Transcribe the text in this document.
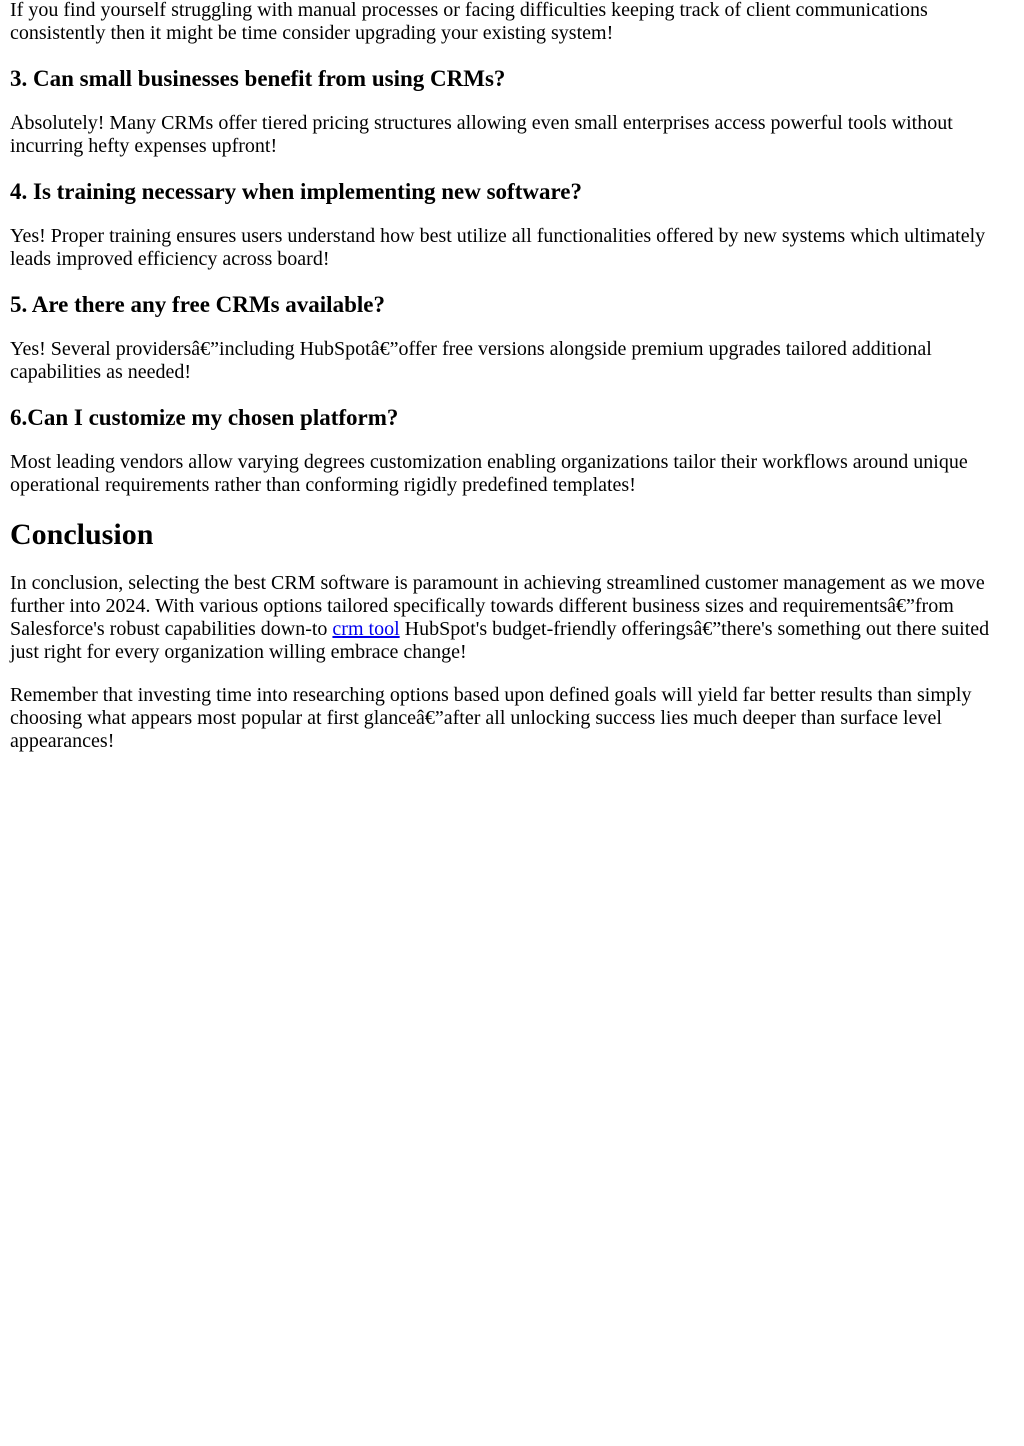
If you find yourself struggling with manual processes or facing difficulties keeping track of client communications consistently then it might be time consider upgrading your existing system!

3. Can small businesses benefit from using CRMs?

Absolutely! Many CRMs offer tiered pricing structures allowing even small enterprises access powerful tools without incurring hefty expenses upfront!

4. Is training necessary when implementing new software?

Yes! Proper training ensures users understand how best utilize all functionalities offered by new systems which ultimately leads improved efficiency across board!

5. Are there any free CRMs available?

Yes! Several providersâ€”including HubSpotâ€”offer free versions alongside premium upgrades tailored additional capabilities as needed!

6.Can I customize my chosen platform?

Most leading vendors allow varying degrees customization enabling organizations tailor their workflows around unique operational requirements rather than conforming rigidly predefined templates!

Conclusion

In conclusion, selecting the best CRM software is paramount in achieving streamlined customer management as we move further into 2024. With various options tailored specifically towards different business sizes and requirementsâ€”from Salesforce's robust capabilities down-to crm tool HubSpot's budget-friendly offeringsâ€”there's something out there suited just right for every organization willing embrace change!

Remember that investing time into researching options based upon defined goals will yield far better results than simply choosing what appears most popular at first glanceâ€”after all unlocking success lies much deeper than surface level appearances!
